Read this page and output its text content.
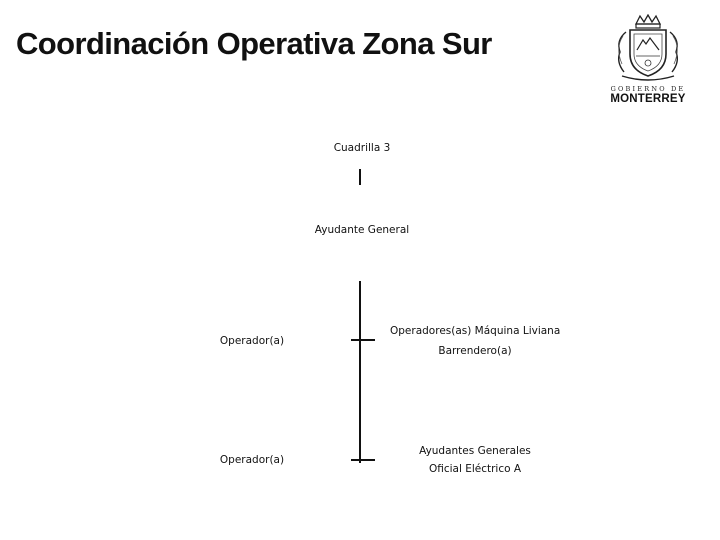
Coordinación Operativa Zona Sur
GOBIERNO DE
MONTERREY
Cuadrilla 3
Ayudante General
Operador(a)
Operador(a)
Operadores(as) Máquina Liviana
Barrendero(a)
Ayudantes Generales
Oficial Eléctrico A
